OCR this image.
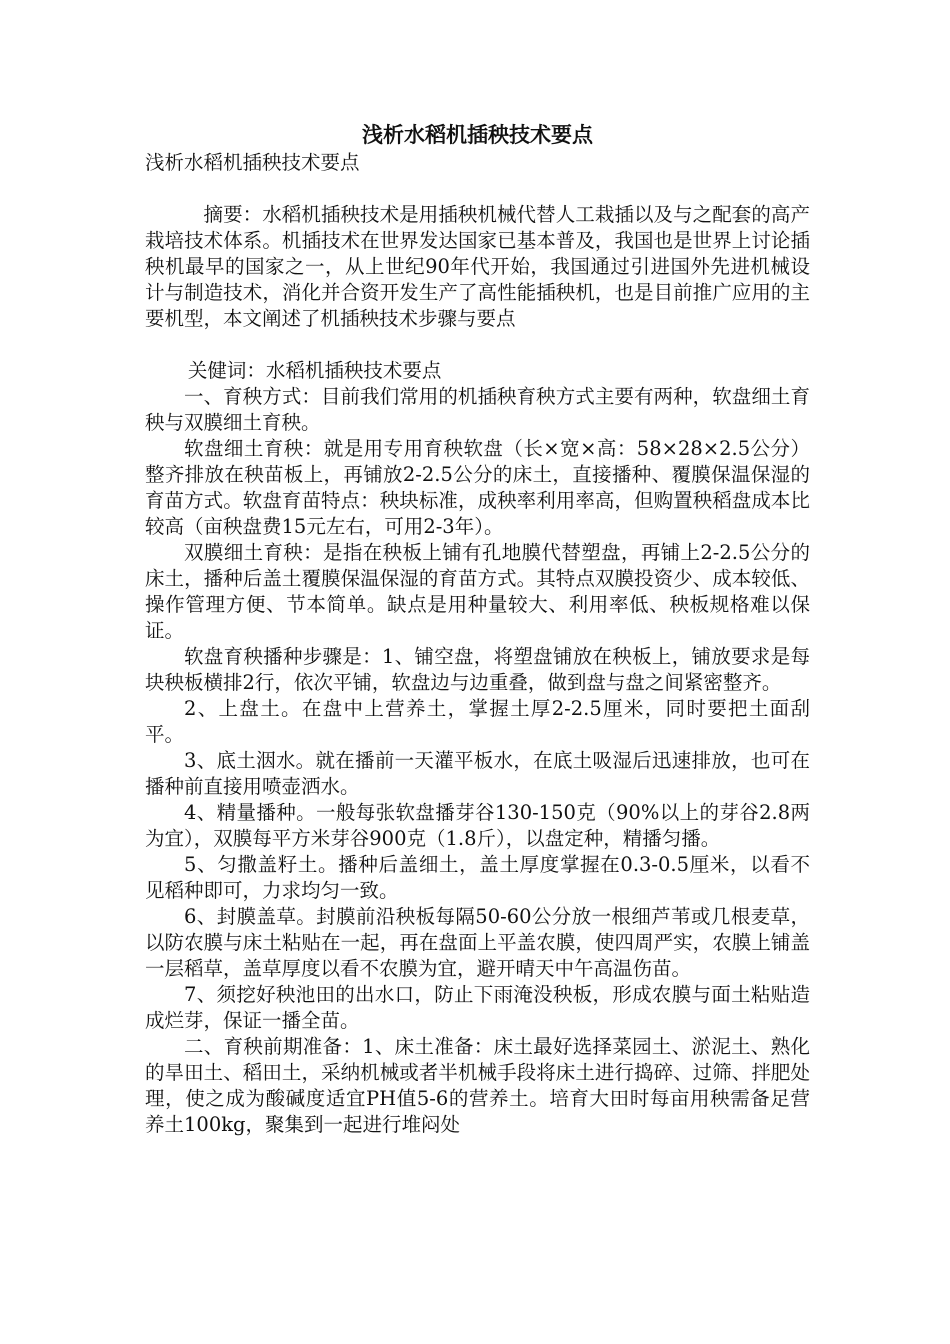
浅析水稻机插秧技术要点

浅析水稻机插秧技术要点

摘要：水稻机插秧技术是用插秧机械代替人工栽插以及与之配套的高产栽培技术体系。机插技术在世界发达国家已基本普及，我国也是世界上讨论插秧机最早的国家之一，从上世纪90年代开始，我国通过引进国外先进机械设计与制造技术，消化并合资开发生产了高性能插秧机，也是目前推广应用的主要机型，本文阐述了机插秧技术步骤与要点

关健词：水稻机插秧技术要点

一、育秧方式：目前我们常用的机插秧育秧方式主要有两种，软盘细土育秧与双膜细土育秧。

软盘细土育秧：就是用专用育秧软盘（长×宽×高：58×28×2.5公分）整齐排放在秧苗板上，再铺放2-2.5公分的床土，直接播种、覆膜保温保湿的育苗方式。软盘育苗特点：秧块标准，成秧率利用率高，但购置秧稻盘成本比较高（亩秧盘费15元左右，可用2-3年）。

双膜细土育秧：是指在秧板上铺有孔地膜代替塑盘，再铺上2-2.5公分的床土，播种后盖土覆膜保温保湿的育苗方式。其特点双膜投资少、成本较低、操作管理方便、节本简单。缺点是用种量较大、利用率低、秧板规格难以保证。

软盘育秧播种步骤是：1、铺空盘，将塑盘铺放在秧板上，铺放要求是每块秧板横排2行，依次平铺，软盘边与边重叠，做到盘与盘之间紧密整齐。

2、上盘土。在盘中上营养土，掌握土厚2-2.5厘米，同时要把土面刮平。

3、底土洇水。就在播前一天灌平板水，在底土吸湿后迅速排放，也可在播种前直接用喷壶洒水。

4、精量播种。一般每张软盘播芽谷130-150克（90%以上的芽谷2.8两为宜），双膜每平方米芽谷900克（1.8斤），以盘定种，精播匀播。

5、匀撒盖籽土。播种后盖细土，盖土厚度掌握在0.3-0.5厘米，以看不见稻种即可，力求均匀一致。

6、封膜盖草。封膜前沿秧板每隔50-60公分放一根细芦苇或几根麦草，以防农膜与床土粘贴在一起，再在盘面上平盖农膜，使四周严实，农膜上铺盖一层稻草，盖草厚度以看不农膜为宜，避开晴天中午高温伤苗。

7、须挖好秧池田的出水口，防止下雨淹没秧板，形成农膜与面土粘贴造成烂芽，保证一播全苗。

二、育秧前期准备：1、床土准备：床土最好选择菜园土、淤泥土、熟化的旱田土、稻田土，采纳机械或者半机械手段将床土进行捣碎、过筛、拌肥处理，使之成为酸碱度适宜PH值5-6的营养土。培育大田时每亩用秧需备足营养土100kg，聚集到一起进行堆闷处
